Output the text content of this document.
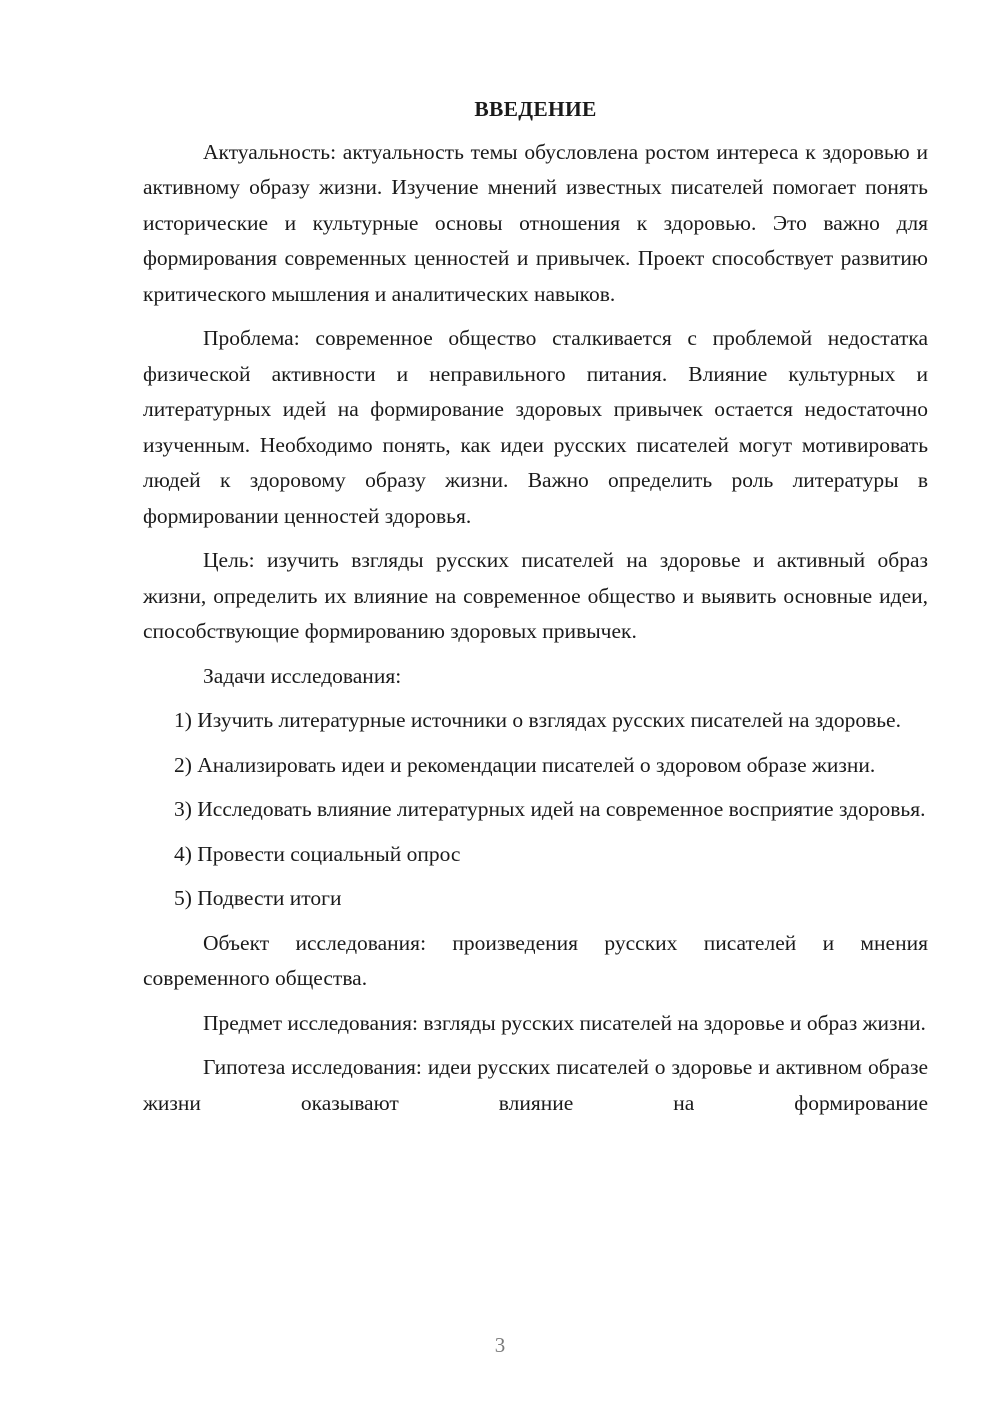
ВВЕДЕНИЕ

Актуальность: актуальность темы обусловлена ростом интереса к здоровью и активному образу жизни. Изучение мнений известных писателей помогает понять исторические и культурные основы отношения к здоровью. Это важно для формирования современных ценностей и привычек. Проект способствует развитию критического мышления и аналитических навыков.

Проблема: современное общество сталкивается с проблемой недостатка физической активности и неправильного питания. Влияние культурных и литературных идей на формирование здоровых привычек остается недостаточно изученным. Необходимо понять, как идеи русских писателей могут мотивировать людей к здоровому образу жизни. Важно определить роль литературы в формировании ценностей здоровья.

Цель: изучить взгляды русских писателей на здоровье и активный образ жизни, определить их влияние на современное общество и выявить основные идеи, способствующие формированию здоровых привычек.

Задачи исследования:

1) Изучить литературные источники о взглядах русских писателей на здоровье.

2) Анализировать идеи и рекомендации писателей о здоровом образе жизни.

3) Исследовать влияние литературных идей на современное восприятие здоровья.

4) Провести социальный опрос

5) Подвести итоги

Объект исследования: произведения русских писателей и мнения современного общества.

Предмет исследования: взгляды русских писателей на здоровье и образ жизни.

Гипотеза исследования: идеи русских писателей о здоровье и активном образе жизни оказывают влияние на формирование

3
